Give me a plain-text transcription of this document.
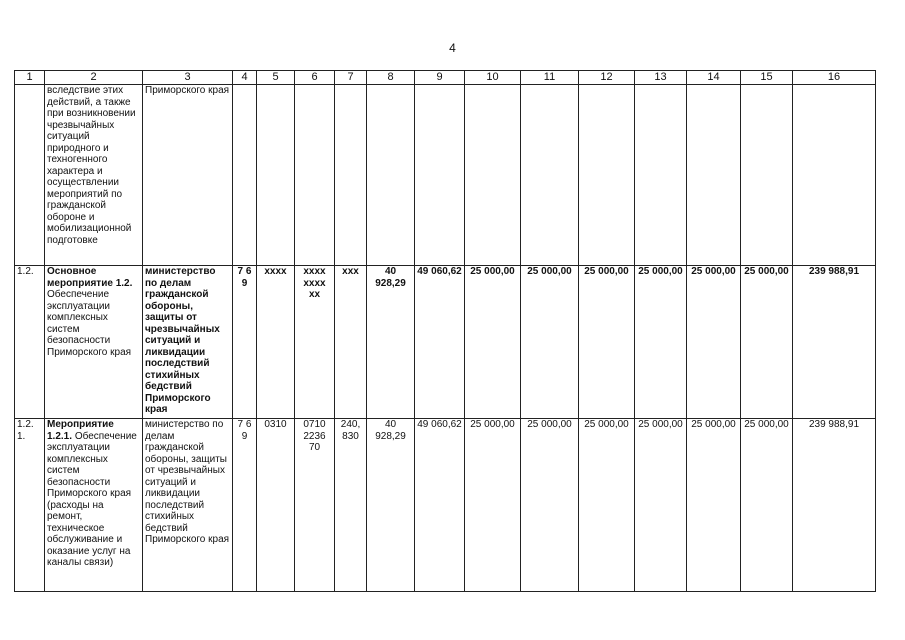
4
1	2	3	4	5	6	7	8	9	10	11	12	13	14	15	16
	вследствие этих действий, а также при возникновении чрезвычайных ситуаций природного и техногенного характера и осуществлении мероприятий по гражданской обороне и мобилизационной подготовке	Приморского края													
1.2.	Основное мероприятие 1.2. Обеспечение эксплуатации комплексных систем безопасности Приморского края	министерство по делам гражданской обороны, защиты от чрезвычайных ситуаций и ликвидации последствий стихийных бедствий Приморского края	7 6 9	хххх	хххх хххх хх	ххх	40 928,29	49 060,62	25 000,00	25 000,00	25 000,00	25 000,00	25 000,00	25 000,00	239 988,91
1.2. 1.	Мероприятие 1.2.1. Обеспечение эксплуатации комплексных систем безопасности Приморского края (расходы на ремонт, техническое обслуживание и оказание услуг на каналы связи)	министерство по делам гражданской обороны, защиты от чрезвычайных ситуаций и ликвидации последствий стихийных бедствий Приморского края	7 6 9	0310	0710 2236 70	240, 830	40 928,29	49 060,62	25 000,00	25 000,00	25 000,00	25 000,00	25 000,00	25 000,00	239 988,91
